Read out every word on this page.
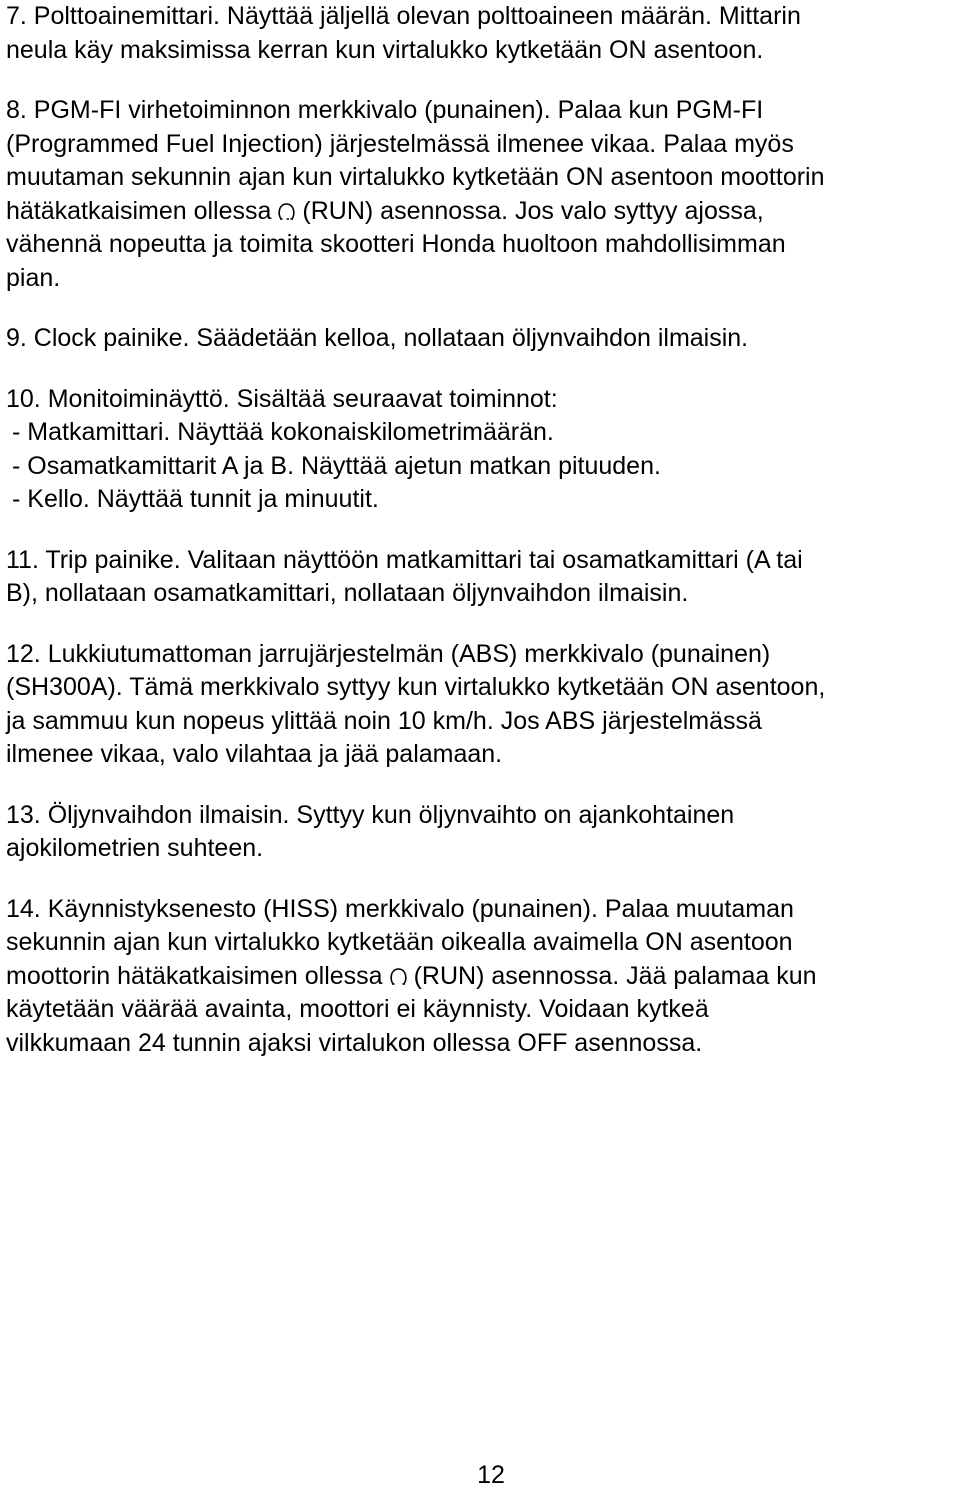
7. Polttoainemittari. Näyttää jäljellä olevan polttoaineen määrän. Mittarin
neula käy maksimissa kerran kun virtalukko kytketään ON asentoon.
8. PGM-FI virhetoiminnon merkkivalo (punainen). Palaa kun PGM-FI
(Programmed Fuel Injection) järjestelmässä ilmenee vikaa. Palaa myös
muutaman sekunnin ajan kun virtalukko kytketään ON asentoon moottorin
hätäkatkaisimen ollessa (RUN) asennossa. Jos valo syttyy ajossa,
vähennä nopeutta ja toimita skootteri Honda huoltoon mahdollisimman
pian.
9. Clock painike. Säädetään kelloa, nollataan öljynvaihdon ilmaisin.
10. Monitoiminäyttö. Sisältää seuraavat toiminnot:
- Matkamittari. Näyttää kokonaiskilometrimäärän.
- Osamatkamittarit A ja B. Näyttää ajetun matkan pituuden.
- Kello. Näyttää tunnit ja minuutit.
11. Trip painike. Valitaan näyttöön matkamittari tai osamatkamittari (A tai
B), nollataan osamatkamittari, nollataan öljynvaihdon ilmaisin.
12. Lukkiutumattoman jarrujärjestelmän (ABS) merkkivalo (punainen)
(SH300A). Tämä merkkivalo syttyy kun virtalukko kytketään ON asentoon,
ja sammuu kun nopeus ylittää noin 10 km/h. Jos ABS järjestelmässä
ilmenee vikaa, valo vilahtaa ja jää palamaan.
13. Öljynvaihdon ilmaisin. Syttyy kun öljynvaihto on ajankohtainen
ajokilometrien suhteen.
14. Käynnistyksenesto (HISS) merkkivalo (punainen). Palaa muutaman
sekunnin ajan kun virtalukko kytketään oikealla avaimella ON asentoon
moottorin hätäkatkaisimen ollessa (RUN) asennossa. Jää palamaa kun
käytetään väärää avainta, moottori ei käynnisty. Voidaan kytkeä
vilkkumaan 24 tunnin ajaksi virtalukon ollessa OFF asennossa.
12
